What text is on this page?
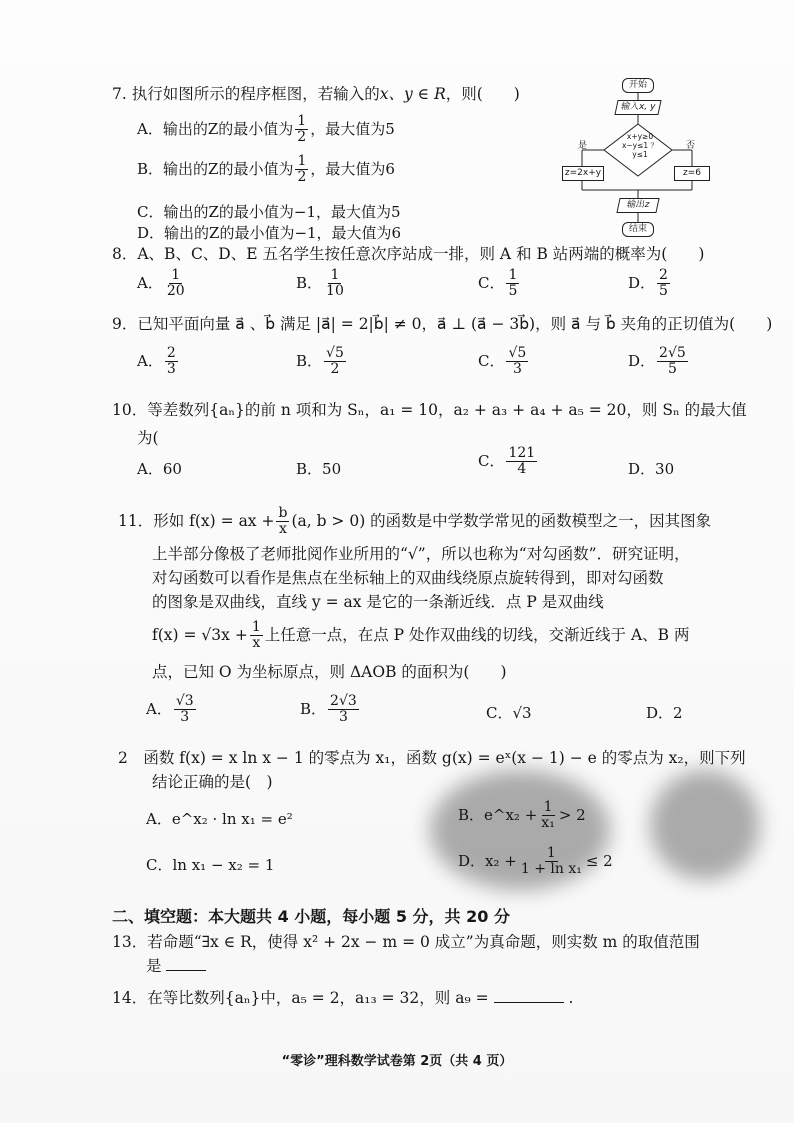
7. 执行如图所示的程序框图，若输入的x、y ∈ R，则(　　)
A．输出的Z的最小值为 $\frac{1}{2}$ ，最大值为5
B．输出的Z的最小值为 $\frac{1}{2}$ ，最大值为6
C．输出的Z的最小值为−1，最大值为5
D．输出的Z的最小值为−1，最大值为6
开始
输入x, y
x+y≥0
x−y≤1 ？
y≤1
是	否
z=2x+y	z=6
输出z
结束
8．A、B、C、D、E 五名学生按任意次序站成一排，则 A 和 B 站两端的概率为(　　)
A． $\frac{1}{20}$	B． $\frac{1}{10}$	C． $\frac{1}{5}$	D． $\frac{2}{5}$
9．已知平面向量 a⃗ 、b⃗ 满足 |a⃗| = 2|b⃗| ≠ 0，a⃗ ⊥ (a⃗ − 3b⃗)，则 a⃗ 与 b⃗ 夹角的正切值为(　　)
A． $\frac{2}{3}$	B． $\frac{√5}{2}$	C． $\frac{√5}{3}$	D． $\frac{2√5}{5}$
10．等差数列{aₙ}的前 n 项和为 Sₙ，a₁ = 10，a₂ + a₃ + a₄ + a₅ = 20，则 Sₙ 的最大值
为(
A．60	B．50	C． $\frac{121}{4}$	D．30
11．形如 f(x) = ax + $\frac{b}{x} (a$, b > 0) 的函数是中学数学常见的函数模型之一，因其图象
上半部分像极了老师批阅作业所用的“√”，所以也称为“对勾函数”．研究证明，
对勾函数可以看作是焦点在坐标轴上的双曲线绕原点旋转得到，即对勾函数
的图象是双曲线，直线 y = ax 是它的一条渐近线．点 P 是双曲线
$f(x) = √3x + \frac{1}{x}$ 上任意一点，在点 P 处作双曲线的切线，交渐近线于 A、B 两
点，已知 O 为坐标原点，则 ΔAOB 的面积为(　　)
A． $\frac{√3}{3}$	B． $\frac{2√3}{3}$	C．√3	D．2
2　函数 f(x) = x ln x − 1 的零点为 x₁，函数 g(x) = eˣ(x − 1) − e 的零点为 x₂，则下列
结论正确的是(　)
A．e^x₂ · ln x₁ = e²	B．e^x₂ + $\frac{1}{\text{x₁}} > 2$
C．ln x₁ − x₂ = 1	D．$x_2 + \frac{1}{\text{1 + ln x₁}} \le 2$
二、填空题：本大题共 4 小题，每小题 5 分，共 20 分
13．若命题“∃x ∈ R，使得 x² + 2x − m = 0 成立”为真命题，则实数 m 的取值范围
是
14．在等比数列{aₙ}中，a₅ = 2，a₁₃ = 32，则 a₉ =	.
“零诊”理科数学试卷第 2页（共 4 页）
